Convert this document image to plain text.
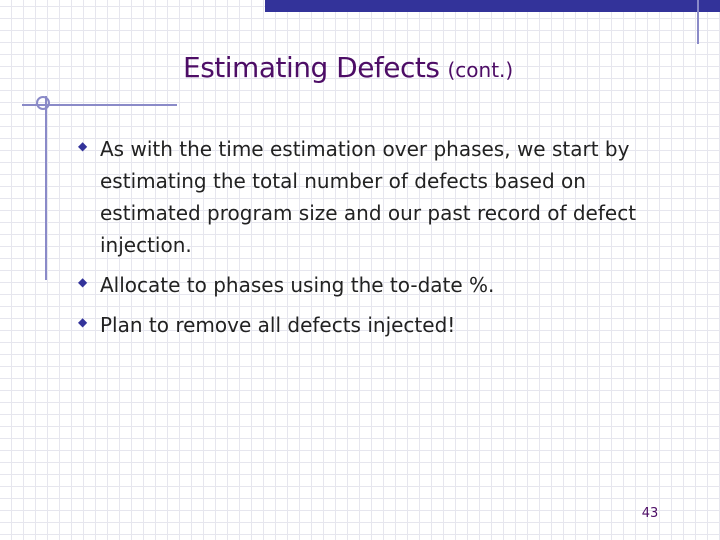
Estimating Defects (cont.)
◆ As with the time estimation over phases, we start by estimating the total number of defects based on estimated program size and our past record of defect injection.
◆ Allocate to phases using the to-date %.
◆ Plan to remove all defects injected!
43
